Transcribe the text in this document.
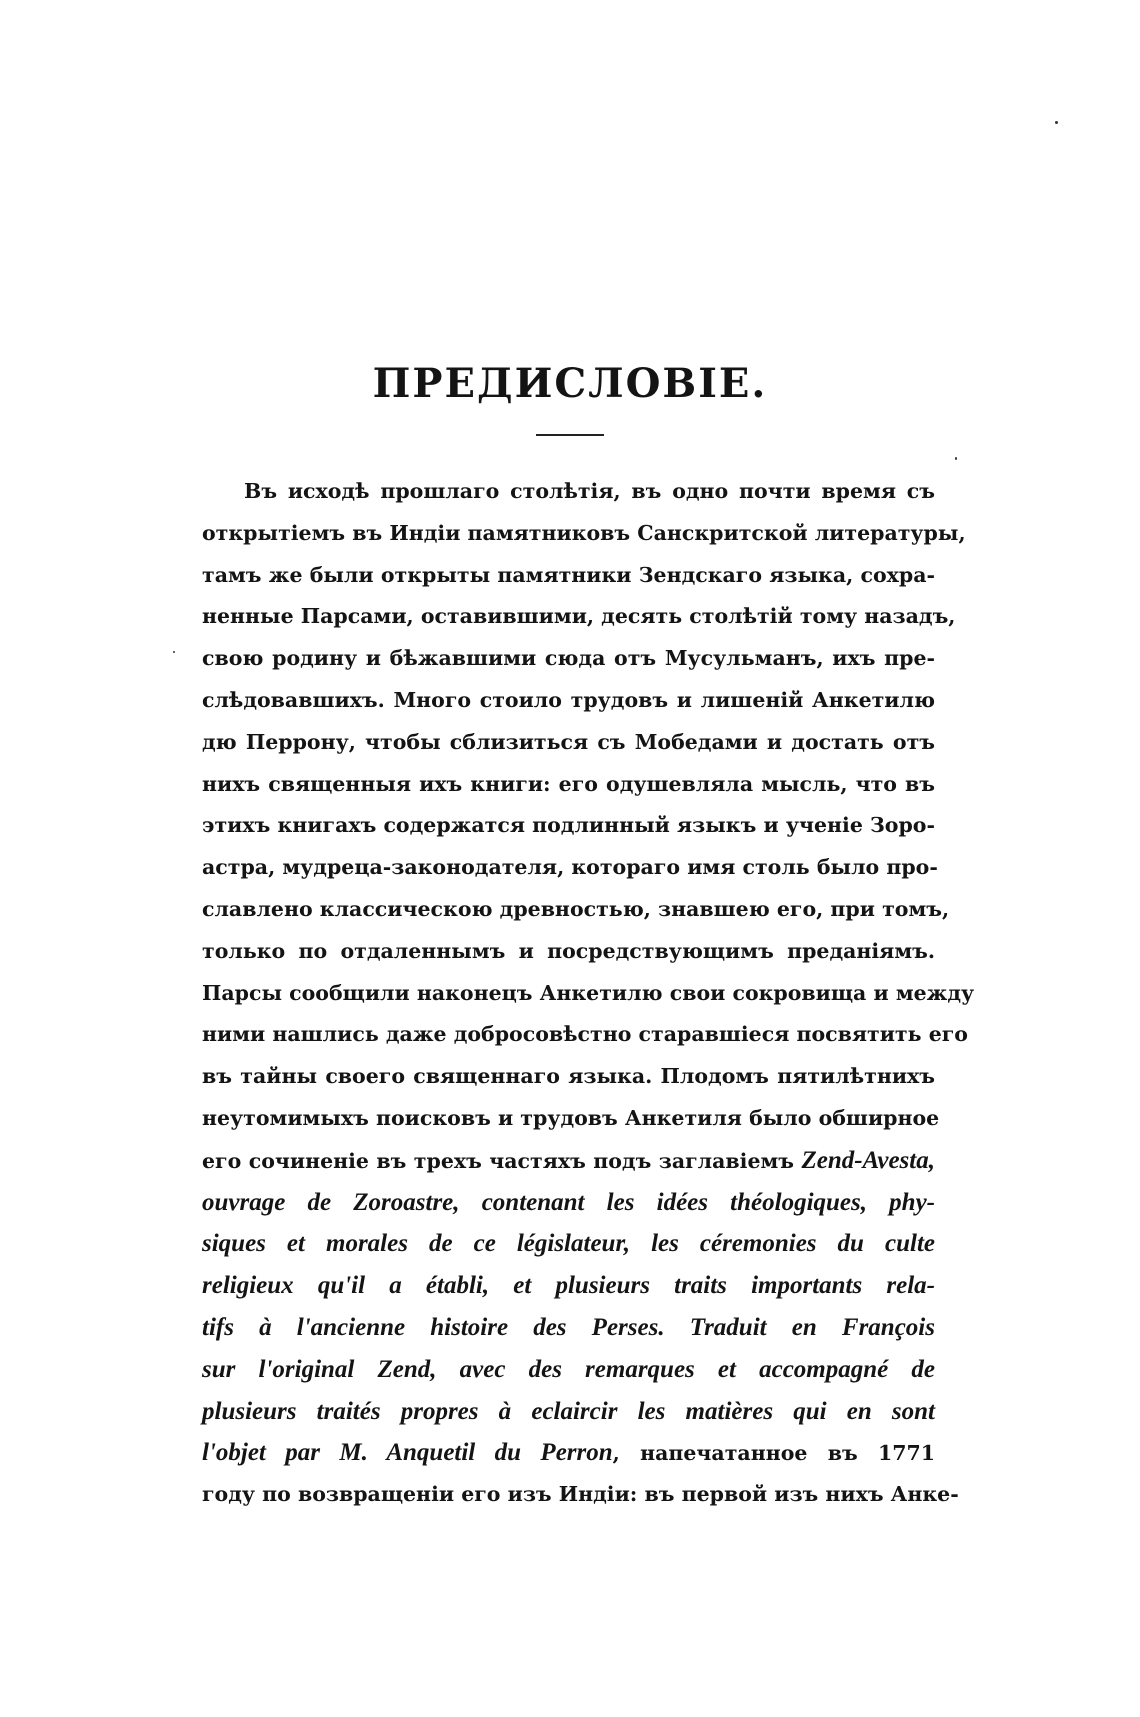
ПРЕДИСЛОВІЕ.
Въ исходѣ прошлаго столѣтія, въ одно почти время съ
открытіемъ въ Индіи памятниковъ Санскритской литературы,
тамъ же были открыты памятники Зендскаго языка, сохра-
ненные Парсами, оставившими, десять столѣтій тому назадъ,
свою родину и бѣжавшими сюда отъ Мусульманъ, ихъ пре-
слѣдовавшихъ. Много стоило трудовъ и лишеній Анкетилю
дю Перрону, чтобы сблизиться съ Мобедами и достать отъ
нихъ священныя ихъ книги: его одушевляла мысль, что въ
этихъ книгахъ содержатся подлинный языкъ и ученіе Зоро-
астра, мудреца-законодателя, котораго имя столь было про-
славлено классическою древностью, знавшею его, при томъ,
только по отдаленнымъ и посредствующимъ преданіямъ.
Парсы сообщили наконецъ Анкетилю свои сокровища и между
ними нашлись даже добросовѣстно старавшіеся посвятить его
въ тайны своего священнаго языка. Плодомъ пятилѣтнихъ
неутомимыхъ поисковъ и трудовъ Анкетиля было обширное
его сочиненіе въ трехъ частяхъ подъ заглавіемъ Zend-Avesta,
ouvrage de Zoroastre, contenant les idées théologiques, phy-
siques et morales de ce législateur, les céremonies du culte
religieux qu'il a établi, et plusieurs traits importants rela-
tifs à l'ancienne histoire des Perses. Traduit en François
sur l'original Zend, avec des remarques et accompagné de
plusieurs traités propres à eclaircir les matières qui en sont
l'objet par M. Anquetil du Perron, напечатанное въ 1771
году по возвращеніи его изъ Индіи: въ первой изъ нихъ Анке-
